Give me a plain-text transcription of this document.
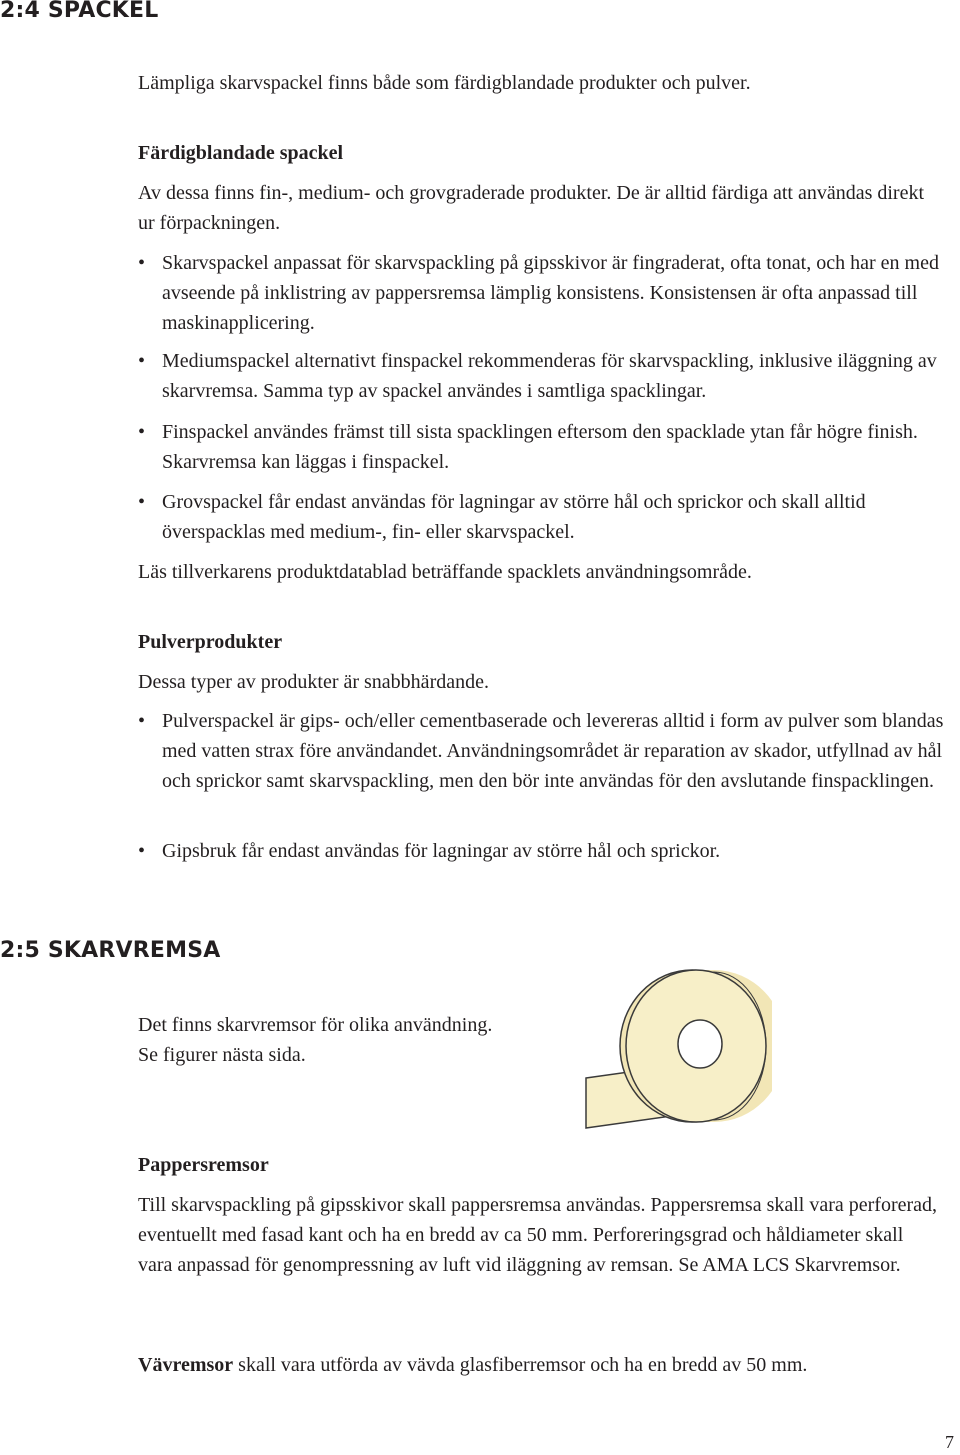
2:4 SPACKEL

Lämpliga skarvspackel finns både som färdigblandade produkter och pulver.

Färdigblandade spackel

Av dessa finns fin-, medium- och grovgraderade produkter. De är alltid färdiga att användas direkt ur förpackningen.

• Skarvspackel anpassat för skarvspackling på gipsskivor är fingraderat, ofta tonat, och har en med avseende på inklistring av pappersremsa lämplig konsistens. Konsistensen är ofta anpassad till maskinapplicering.
• Mediumspackel alternativt finspackel rekommenderas för skarvspackling, inklusive iläggning av skarvremsa. Samma typ av spackel användes i samtliga spacklingar.
• Finspackel användes främst till sista spacklingen eftersom den spacklade ytan får högre finish. Skarvremsa kan läggas i finspackel.
• Grovspackel får endast användas för lagningar av större hål och sprickor och skall alltid överspacklas med medium-, fin- eller skarvspackel.

Läs tillverkarens produktdatablad beträffande spacklets användningsområde.

Pulverprodukter

Dessa typer av produkter är snabbhärdande.

• Pulverspackel är gips- och/eller cementbaserade och levereras alltid i form av pulver som blandas med vatten strax före användandet. Användningsområdet är reparation av skador, utfyllnad av hål och sprickor samt skarvspackling, men den bör inte användas för den avslutande finspacklingen.
• Gipsbruk får endast användas för lagningar av större hål och sprickor.
2:5 SKARVREMSA

Det finns skarvremsor för olika användning.

Se figurer nästa sida.

Pappersremsor

Till skarvspackling på gipsskivor skall pappersremsa användas. Pappersremsa skall vara perforerad, eventuellt med fasad kant och ha en bredd av ca 50 mm. Perforeringsgrad och håldiameter skall vara anpassad för genompressning av luft vid iläggning av remsan. Se AMA LCS Skarvremsor.

Vävremsor skall vara utförda av vävda glasfiberremsor och ha en bredd av 50 mm.

7
